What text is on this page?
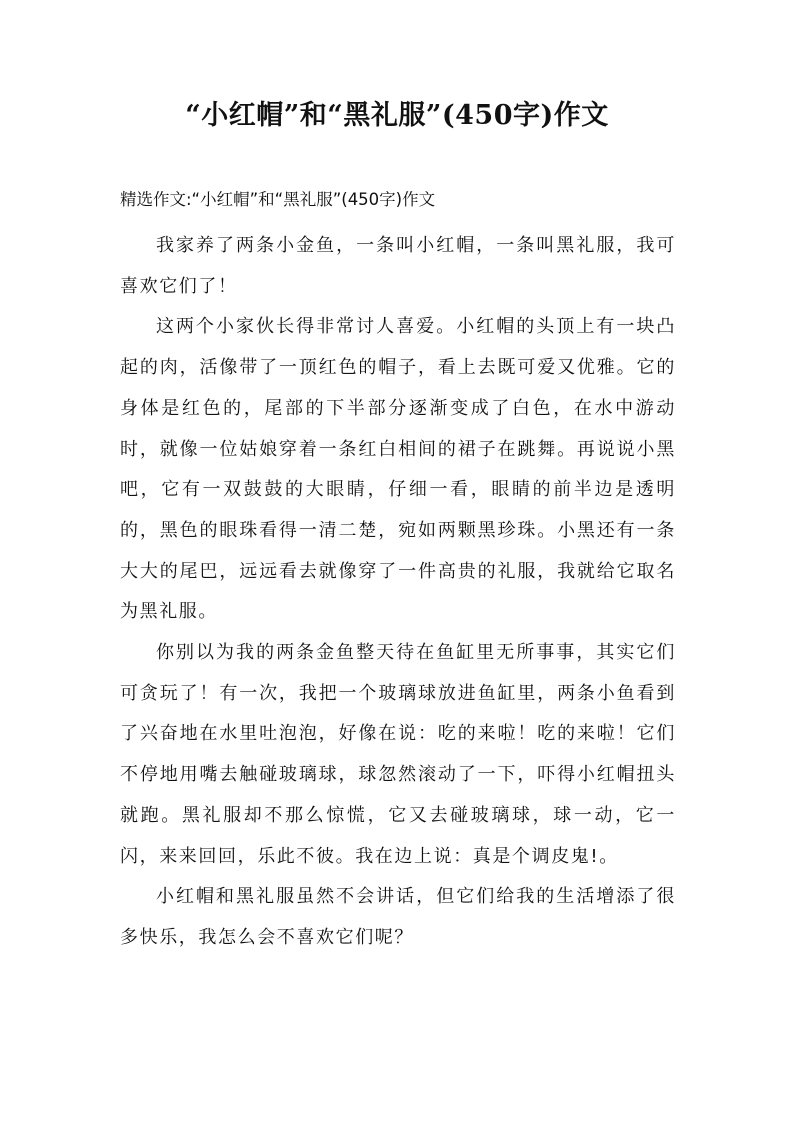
“小红帽”和“黑礼服”(450字)作文

精选作文:“小红帽”和“黑礼服”(450字)作文

我家养了两条小金鱼，一条叫小红帽，一条叫黑礼服，我可喜欢它们了！

这两个小家伙长得非常讨人喜爱。小红帽的头顶上有一块凸起的肉，活像带了一顶红色的帽子，看上去既可爱又优雅。它的身体是红色的，尾部的下半部分逐渐变成了白色，在水中游动时，就像一位姑娘穿着一条红白相间的裙子在跳舞。再说说小黑吧，它有一双鼓鼓的大眼睛，仔细一看，眼睛的前半边是透明的，黑色的眼珠看得一清二楚，宛如两颗黑珍珠。小黑还有一条大大的尾巴，远远看去就像穿了一件高贵的礼服，我就给它取名为黑礼服。

你别以为我的两条金鱼整天待在鱼缸里无所事事，其实它们可贪玩了！有一次，我把一个玻璃球放进鱼缸里，两条小鱼看到了兴奋地在水里吐泡泡，好像在说：吃的来啦！吃的来啦！它们不停地用嘴去触碰玻璃球，球忽然滚动了一下，吓得小红帽扭头就跑。黑礼服却不那么惊慌，它又去碰玻璃球，球一动，它一闪，来来回回，乐此不彼。我在边上说：真是个调皮鬼!。

小红帽和黑礼服虽然不会讲话，但它们给我的生活增添了很多快乐，我怎么会不喜欢它们呢？
